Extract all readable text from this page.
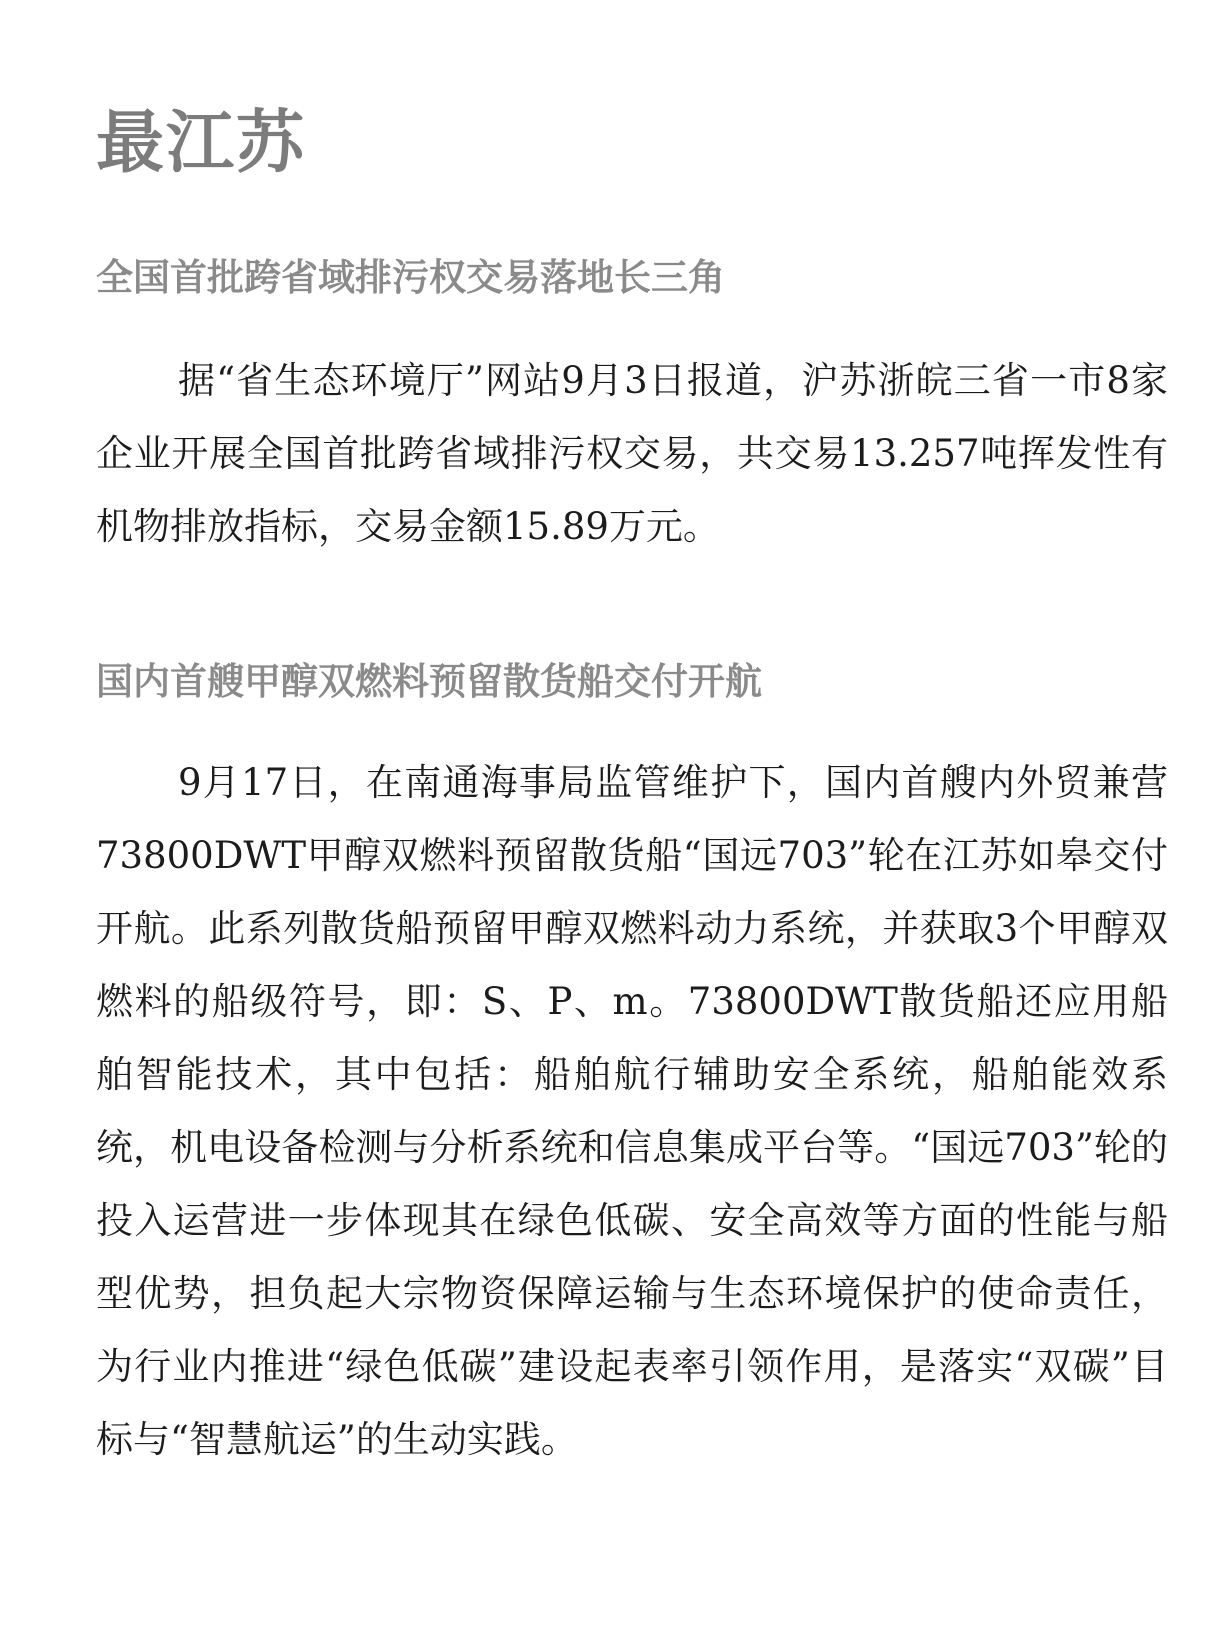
最江苏
全国首批跨省域排污权交易落地长三角

据“省生态环境厅”网站9月3日报道，沪苏浙皖三省一市8家企业开展全国首批跨省域排污权交易，共交易13.257吨挥发性有机物排放指标，交易金额15.89万元。

国内首艘甲醇双燃料预留散货船交付开航

9月17日，在南通海事局监管维护下，国内首艘内外贸兼营73800DWT甲醇双燃料预留散货船“国远703”轮在江苏如皋交付开航。此系列散货船预留甲醇双燃料动力系统，并获取3个甲醇双燃料的船级符号，即：S、P、m。73800DWT散货船还应用船舶智能技术，其中包括：船舶航行辅助安全系统，船舶能效系统，机电设备检测与分析系统和信息集成平台等。“国远703”轮的投入运营进一步体现其在绿色低碳、安全高效等方面的性能与船型优势，担负起大宗物资保障运输与生态环境保护的使命责任，为行业内推进“绿色低碳”建设起表率引领作用，是落实“双碳”目标与“智慧航运”的生动实践。
